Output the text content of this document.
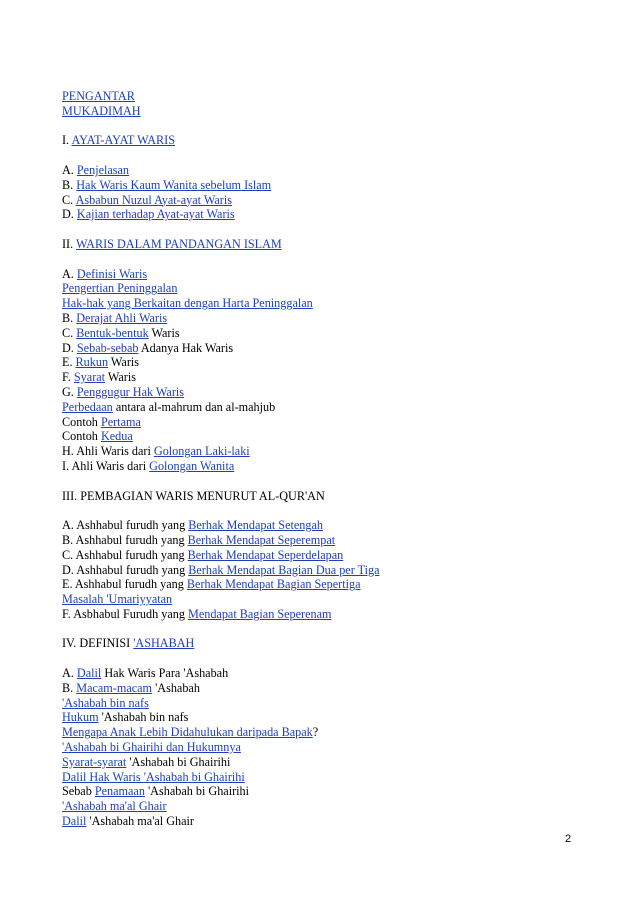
PENGANTAR
MUKADIMAH
I. AYAT-AYAT WARIS
A. Penjelasan
B. Hak Waris Kaum Wanita sebelum Islam
C. Asbabun Nuzul Ayat-ayat Waris
D. Kajian terhadap Ayat-ayat Waris
II. WARIS DALAM PANDANGAN ISLAM
A. Definisi Waris
Pengertian Peninggalan
Hak-hak yang Berkaitan dengan Harta Peninggalan
B. Derajat Ahli Waris
C. Bentuk-bentuk Waris
D. Sebab-sebab Adanya Hak Waris
E. Rukun Waris
F. Syarat Waris
G. Penggugur Hak Waris
Perbedaan antara al-mahrum dan al-mahjub
Contoh Pertama
Contoh Kedua
H. Ahli Waris dari Golongan Laki-laki
I. Ahli Waris dari Golongan Wanita
III. PEMBAGIAN WARIS MENURUT AL-QUR'AN
A. Ashhabul furudh yang Berhak Mendapat Setengah
B. Ashhabul furudh yang Berhak Mendapat Seperempat
C. Ashhabul furudh yang Berhak Mendapat Seperdelapan
D. Ashhabul furudh yang Berhak Mendapat Bagian Dua per Tiga
E. Ashhabul furudh yang Berhak Mendapat Bagian Sepertiga
Masalah 'Umariyyatan
F. Asbhabul Furudh yang Mendapat Bagian Seperenam
IV. DEFINISI 'ASHABAH
A. Dalil Hak Waris Para 'Ashabah
B. Macam-macam 'Ashabah
'Ashabah bin nafs
Hukum 'Ashabah bin nafs
Mengapa Anak Lebih Didahulukan daripada Bapak?
'Ashabah bi Ghairihi dan Hukumnya
Syarat-syarat 'Ashabah bi Ghairihi
Dalil Hak Waris 'Ashabah bi Ghairihi
Sebab Penamaan 'Ashabah bi Ghairihi
'Ashabah ma'al Ghair
Dalil 'Ashabah ma'al Ghair
2
